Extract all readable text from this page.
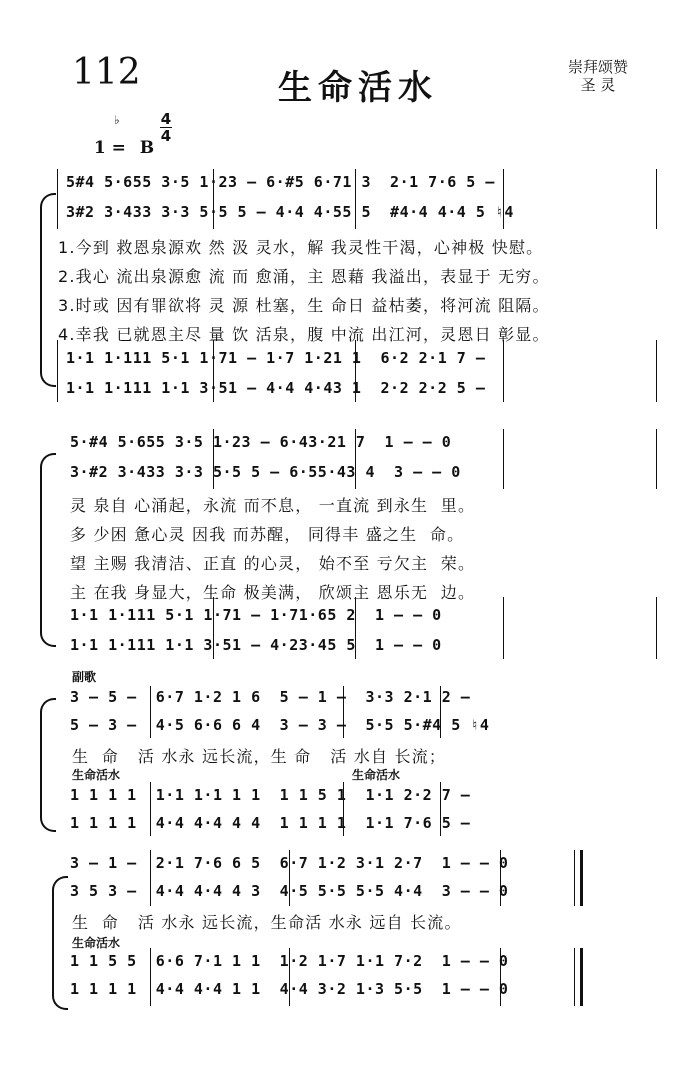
112	生命活水
崇拜颂赞
圣 灵

1 =
♭
B

4
4
5#4 5·655 3·5 1·23 – 6·#5 6·71 3  2·1 7·6 5 –
3#2 3·433 3·3 5·5 5 – 4·4 4·55 5  #4·4 4·4 5 ♮4
1.今到 救恩泉源欢 然 汲 灵水，解 我灵性干渴，心神极 快慰。
2.我心 流出泉源愈 流 而 愈涌，主 恩藉 我溢出，表显于 无穷。
3.时或 因有罪欲将 灵 源 杜塞，生 命日 益枯萎，将河流 阻隔。
4.幸我 已就恩主尽 量 饮 活泉，腹 中流 出江河，灵恩日 彰显。
1·1 1·111 5·1 1·71 – 1·7 1·21 1  6·2 2·1 7 –
1·1 1·111 1·1 3·51 – 4·4 4·43 1  2·2 2·2 5 –
5·#4 5·655 3·5 1·23 – 6·43·21 7  1 – – 0
3·#2 3·433 3·3 5·5 5 – 6·55·43 4  3 – – 0
灵 泉自 心涌起，永流 而不息， 一直流 到永生  里。
多 少困 惫心灵 因我 而苏醒， 同得丰 盛之生  命。
望 主赐 我清洁、正直 的心灵， 始不至 亏欠主  荣。
主 在我 身显大，生命 极美满， 欣颂主 恩乐无  边。
1·1 1·111 5·1 1·71 – 1·71·65 2  1 – – 0
1·1 1·111 1·1 3·51 – 4·23·45 5  1 – – 0
副歌
3 – 5 –  6·7 1·2 1 6  5 – 1 –  3·3 2·1 2 –
5 – 3 –  4·5 6·6 6 4  3 – 3 –  5·5 5·#4 5 ♮4
生  命   活 水永 远长流，生 命   活 水自 长流；
生命活水	生命活水
1 1 1 1  1·1 1·1 1 1  1 1 5 1  1·1 2·2 7 –
1 1 1 1  4·4 4·4 4 4  1 1 1 1  1·1 7·6 5 –
3 – 1 –  2·1 7·6 6 5  6·7 1·2 3·1 2·7  1 – – 0
3 5 3 –  4·4 4·4 4 3  4·5 5·5 5·5 4·4  3 – – 0
生  命   活 水永 远长流，生命活 水永 远自 长流。
生命活水
1 1 5 5  6·6 7·1 1 1  1·2 1·7 1·1 7·2  1 – – 0
1 1 1 1  4·4 4·4 1 1  4·4 3·2 1·3 5·5  1 – – 0
